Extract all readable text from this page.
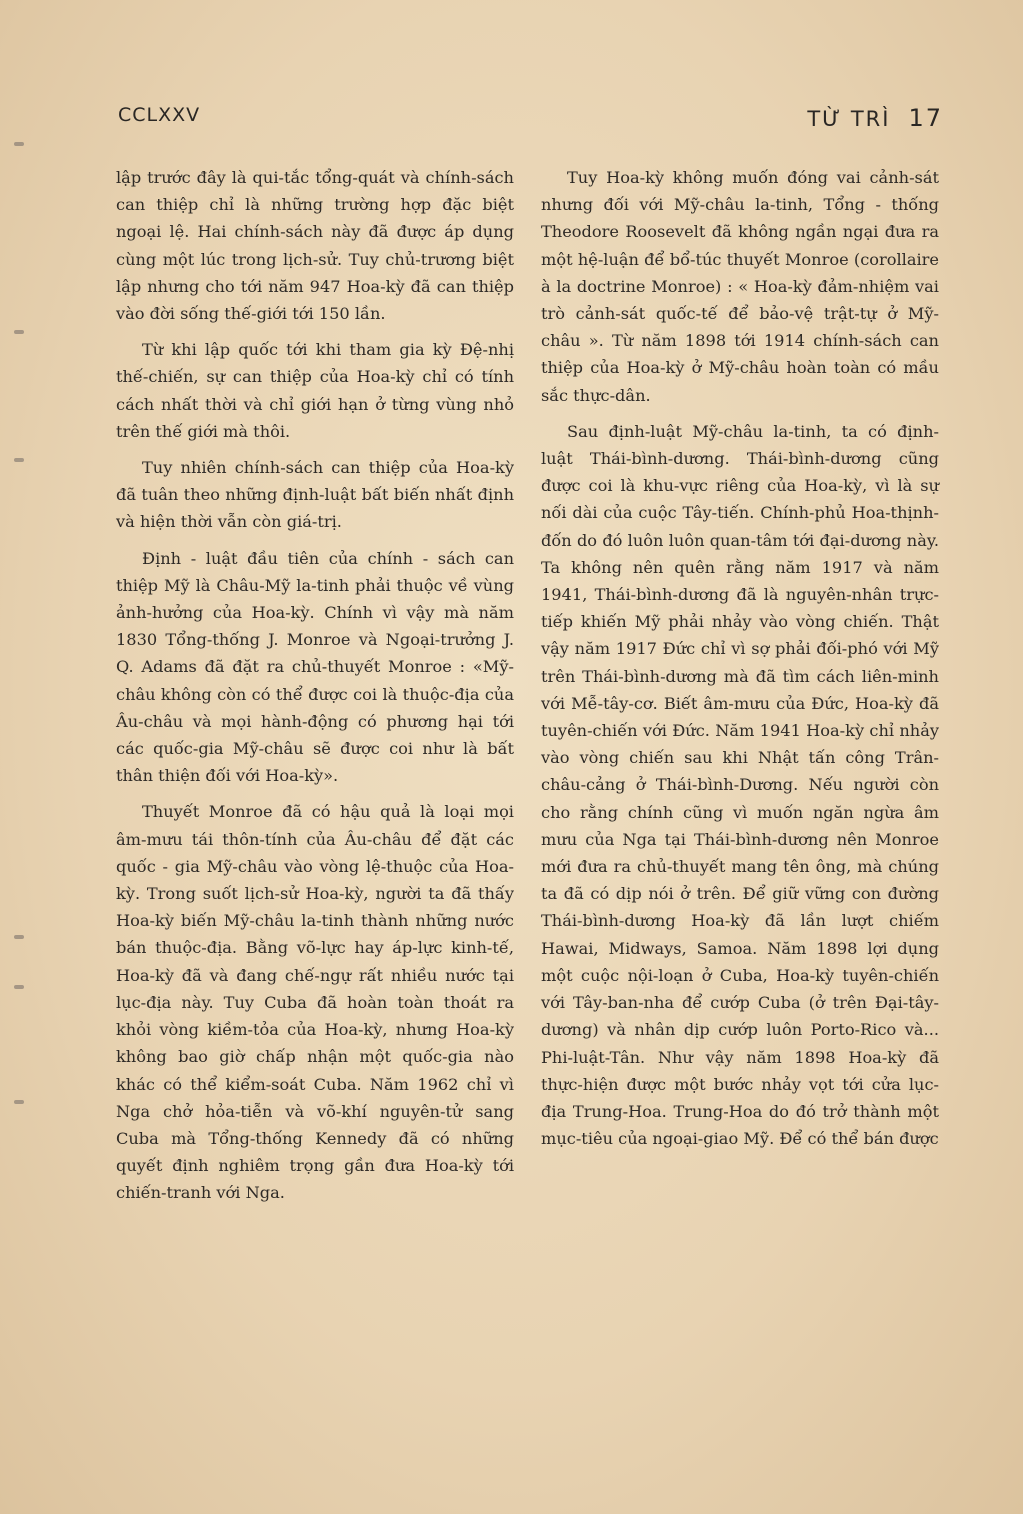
CCLXXV	TỪ TRÌ 17

lập trước đây là qui-tắc tổng-quát và chính-sách can thiệp chỉ là những trường hợp đặc biệt ngoại lệ. Hai chính-sách này đã được áp dụng cùng một lúc trong lịch-sử. Tuy chủ-trương biệt lập nhưng cho tới năm 947 Hoa-kỳ đã can thiệp vào đời sống thế-giới tới 150 lần.

Từ khi lập quốc tới khi tham gia kỳ Đệ-nhị thế-chiến, sự can thiệp của Hoa-kỳ chỉ có tính cách nhất thời và chỉ giới hạn ở từng vùng nhỏ trên thế giới mà thôi.

Tuy nhiên chính-sách can thiệp của Hoa-kỳ đã tuân theo những định-luật bất biến nhất định và hiện thời vẫn còn giá-trị.

Định - luật đầu tiên của chính - sách can thiệp Mỹ là Châu-Mỹ la-tinh phải thuộc về vùng ảnh-hưởng của Hoa-kỳ. Chính vì vậy mà năm 1830 Tổng-thống J. Monroe và Ngoại-trưởng J. Q. Adams đã đặt ra chủ-thuyết Monroe : «Mỹ-châu không còn có thể được coi là thuộc-địa của Âu-châu và mọi hành-động có phương hại tới các quốc-gia Mỹ-châu sẽ được coi như là bất thân thiện đối với Hoa-kỳ».

Thuyết Monroe đã có hậu quả là loại mọi âm-mưu tái thôn-tính của Âu-châu để đặt các quốc - gia Mỹ-châu vào vòng lệ-thuộc của Hoa-kỳ. Trong suốt lịch-sử Hoa-kỳ, người ta đã thấy Hoa-kỳ biến Mỹ-châu la-tinh thành những nước bán thuộc-địa. Bằng võ-lực hay áp-lực kinh-tế, Hoa-kỳ đã và đang chế-ngự rất nhiều nước tại lục-địa này. Tuy Cuba đã hoàn toàn thoát ra khỏi vòng kiềm-tỏa của Hoa-kỳ, nhưng Hoa-kỳ không bao giờ chấp nhận một quốc-gia nào khác có thể kiểm-soát Cuba. Năm 1962 chỉ vì Nga chở hỏa-tiễn và võ-khí nguyên-tử sang Cuba mà Tổng-thống Kennedy đã có những quyết định nghiêm trọng gần đưa Hoa-kỳ tới chiến-tranh với Nga.

Tuy Hoa-kỳ không muốn đóng vai cảnh-sát nhưng đối với Mỹ-châu la-tinh, Tổng - thống Theodore Roosevelt đã không ngần ngại đưa ra một hệ-luận để bổ-túc thuyết Monroe (corollaire à la doctrine Monroe) : « Hoa-kỳ đảm-nhiệm vai trò cảnh-sát quốc-tế để bảo-vệ trật-tự ở Mỹ-châu ». Từ năm 1898 tới 1914 chính-sách can thiệp của Hoa-kỳ ở Mỹ-châu hoàn toàn có mầu sắc thực-dân.

Sau định-luật Mỹ-châu la-tinh, ta có định-luật Thái-bình-dương. Thái-bình-dương cũng được coi là khu-vực riêng của Hoa-kỳ, vì là sự nối dài của cuộc Tây-tiến. Chính-phủ Hoa-thịnh-đốn do đó luôn luôn quan-tâm tới đại-dương này. Ta không nên quên rằng năm 1917 và năm 1941, Thái-bình-dương đã là nguyên-nhân trực-tiếp khiến Mỹ phải nhảy vào vòng chiến. Thật vậy năm 1917 Đức chỉ vì sợ phải đối-phó với Mỹ trên Thái-bình-dương mà đã tìm cách liên-minh với Mễ-tây-cơ. Biết âm-mưu của Đức, Hoa-kỳ đã tuyên-chiến với Đức. Năm 1941 Hoa-kỳ chỉ nhảy vào vòng chiến sau khi Nhật tấn công Trân-châu-cảng ở Thái-bình-Dương. Nếu người còn cho rằng chính cũng vì muốn ngăn ngừa âm mưu của Nga tại Thái-bình-dương nên Monroe mới đưa ra chủ-thuyết mang tên ông, mà chúng ta đã có dịp nói ở trên. Để giữ vững con đường Thái-bình-dương Hoa-kỳ đã lần lượt chiếm Hawai, Midways, Samoa. Năm 1898 lợi dụng một cuộc nội-loạn ở Cuba, Hoa-kỳ tuyên-chiến với Tây-ban-nha để cướp Cuba (ở trên Đại-tây-dương) và nhân dịp cướp luôn Porto-Rico và... Phi-luật-Tân. Như vậy năm 1898 Hoa-kỳ đã thực-hiện được một bước nhảy vọt tới cửa lục-địa Trung-Hoa. Trung-Hoa do đó trở thành một mục-tiêu của ngoại-giao Mỹ. Để có thể bán được
